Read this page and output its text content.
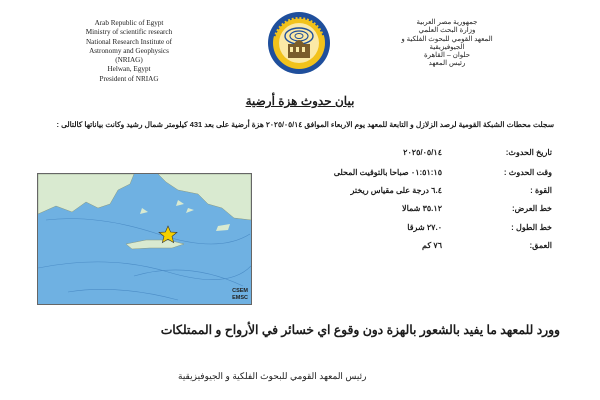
Arab Republic of Egypt
Ministry of scientific research
National Research Institute of
Astronomy and Geophysics
(NRIAG)
Helwan, Egypt
President of NRIAG
جمهورية مصر العربية
وزارة البحث العلمي
المعهد القومي للبحوث الفلكية و
الجيوفيزيقية
حلوان – القاهرة
رئيس المعهد
بيان حدوث هزة أرضية

سجلت محطات الشبكة القومية لرصد الزلازل و التابعة للمعهد يوم الاربعاء الموافق ٢٠٢٥/٠٥/١٤ هزة أرضية على بعد 431 كيلومتر شمال رشيد وكانت بياناتها كالتالى :

CSEM
EMSC
تاريخ الحدوث:
٢٠٢٥/٠٥/١٤
وقت الحدوث :
٠١:٥١:١٥ صباحا بالتوقيت المحلى
القوة :
٦.٤ درجة على مقياس ريختر
خط العرض:
٣٥.١٢ شمالا
خط الطول :
٢٧.٠ شرقا
العمق:
٧٦ كم

وورد للمعهد ما يفيد بالشعور بالهزة دون وقوع اي خسائر في الأرواح و الممتلكات

رئيس المعهد القومي للبحوث الفلكية و الجيوفيزيقية
